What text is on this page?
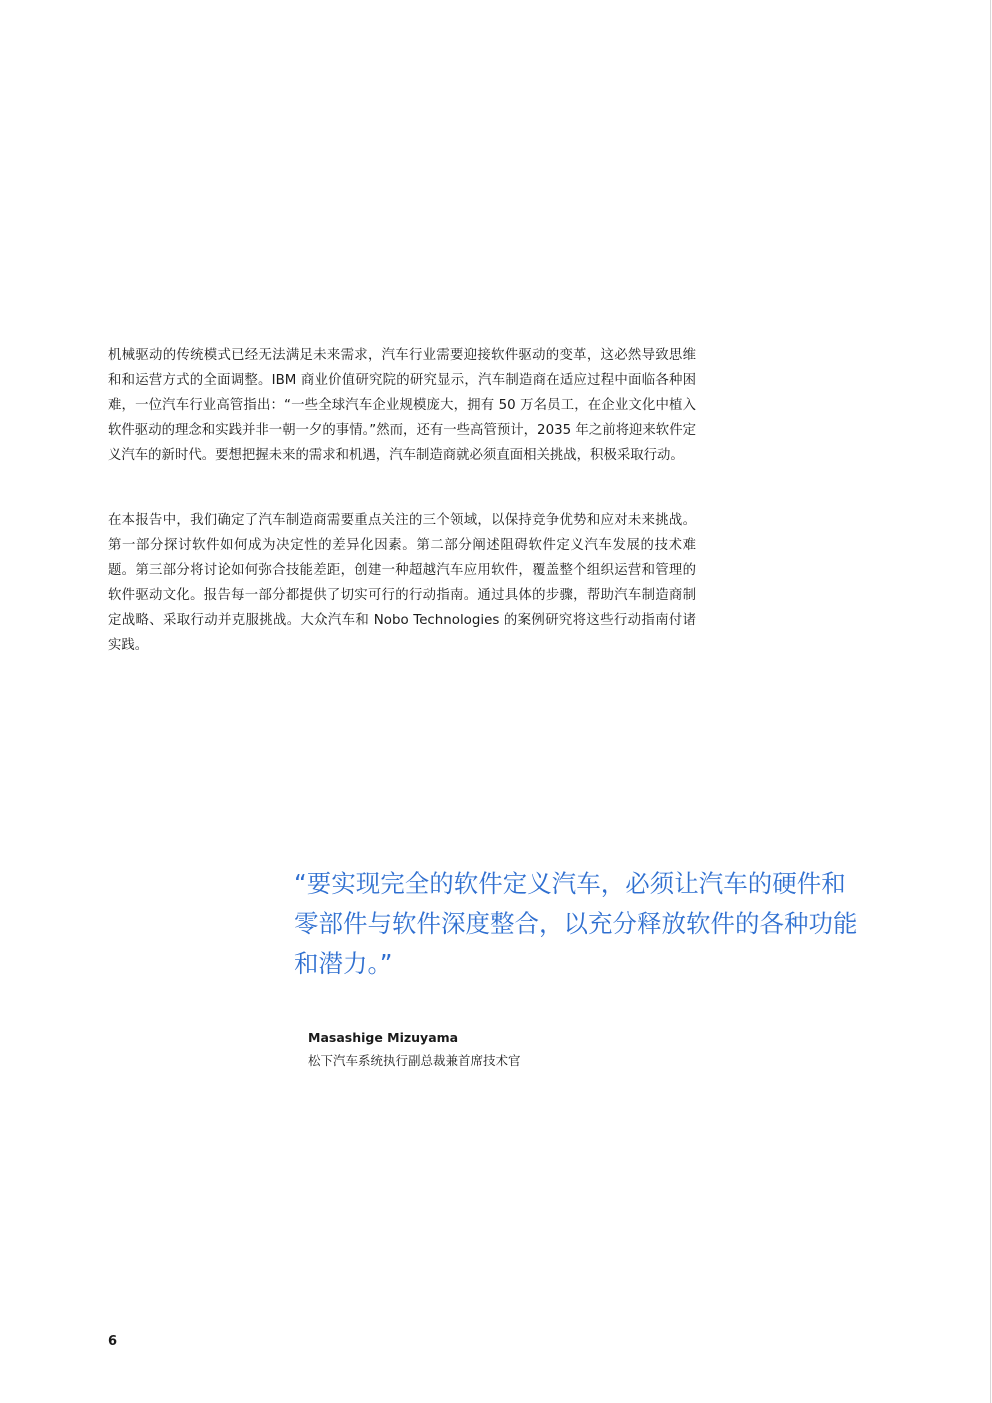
机械驱动的传统模式已经无法满足未来需求，汽车行业需要迎接软件驱动的变革，这必然导致思维和和运营方式的全面调整。IBM 商业价值研究院的研究显示，汽车制造商在适应过程中面临各种困难，一位汽车行业高管指出：“一些全球汽车企业规模庞大，拥有 50 万名员工，在企业文化中植入软件驱动的理念和实践并非一朝一夕的事情。”然而，还有一些高管预计，2035 年之前将迎来软件定义汽车的新时代。要想把握未来的需求和机遇，汽车制造商就必须直面相关挑战，积极采取行动。
在本报告中，我们确定了汽车制造商需要重点关注的三个领域，以保持竞争优势和应对未来挑战。第一部分探讨软件如何成为决定性的差异化因素。第二部分阐述阻碍软件定义汽车发展的技术难题。第三部分将讨论如何弥合技能差距，创建一种超越汽车应用软件，覆盖整个组织运营和管理的软件驱动文化。报告每一部分都提供了切实可行的行动指南。通过具体的步骤，帮助汽车制造商制定战略、采取行动并克服挑战。大众汽车和 Nobo Technologies 的案例研究将这些行动指南付诸实践。
“要实现完全的软件定义汽车，必须让汽车的硬件和零部件与软件深度整合，以充分释放软件的各种功能和潜力。”
Masashige Mizuyama
松下汽车系统执行副总裁兼首席技术官
6
